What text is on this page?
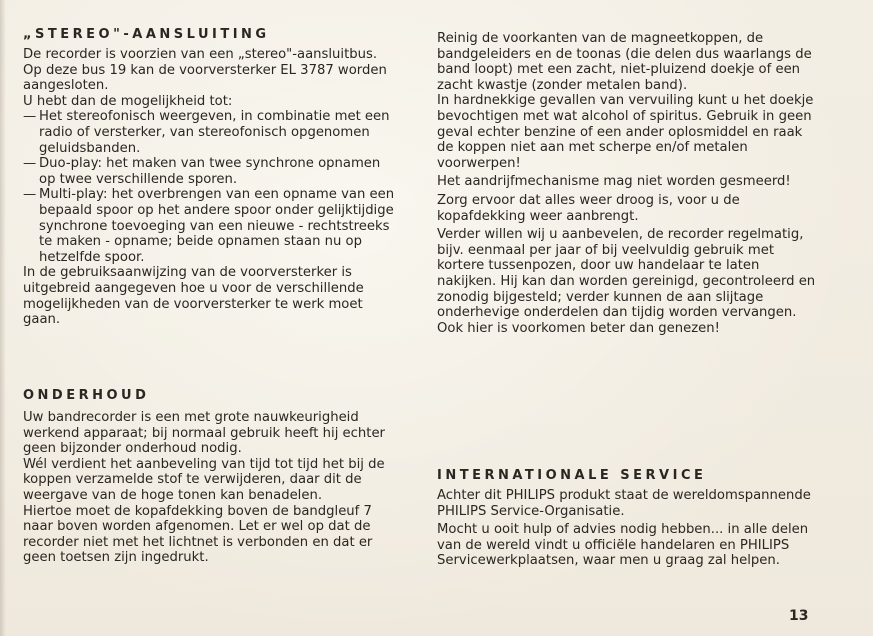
„STEREO"-AANSLUITING

De recorder is voorzien van een „stereo"-aansluitbus. Op deze bus 19 kan de voorversterker EL 3787 worden aangesloten.

U hebt dan de mogelijkheid tot:

— Het stereofonisch weergeven, in combinatie met een radio of versterker, van stereofonisch opgenomen geluidsbanden.
— Duo-play: het maken van twee synchrone opnamen op twee verschillende sporen.
— Multi-play: het overbrengen van een opname van een bepaald spoor op het andere spoor onder gelijktijdige synchrone toevoeging van een nieuwe - rechtstreeks te maken - opname; beide opnamen staan nu op hetzelfde spoor.

In de gebruiksaanwijzing van de voorversterker is uitgebreid aangegeven hoe u voor de verschillende mogelijkheden van de voorversterker te werk moet gaan.

ONDERHOUD

Uw bandrecorder is een met grote nauwkeurigheid werkend apparaat; bij normaal gebruik heeft hij echter geen bijzonder onderhoud nodig.

Wél verdient het aanbeveling van tijd tot tijd het bij de koppen verzamelde stof te verwijderen, daar dit de weergave van de hoge tonen kan benadelen.

Hiertoe moet de kopafdekking boven de bandgleuf 7 naar boven worden afgenomen. Let er wel op dat de recorder niet met het lichtnet is verbonden en dat er geen toetsen zijn ingedrukt.

Reinig de voorkanten van de magneetkoppen, de bandgeleiders en de toonas (die delen dus waarlangs de band loopt) met een zacht, niet-pluizend doekje of een zacht kwastje (zonder metalen band).

In hardnekkige gevallen van vervuiling kunt u het doekje bevochtigen met wat alcohol of spiritus. Gebruik in geen geval echter benzine of een ander oplosmiddel en raak de koppen niet aan met scherpe en/of metalen voorwerpen!

Het aandrijfmechanisme mag niet worden gesmeerd!

Zorg ervoor dat alles weer droog is, voor u de kopafdekking weer aanbrengt.

Verder willen wij u aanbevelen, de recorder regelmatig, bijv. eenmaal per jaar of bij veelvuldig gebruik met kortere tussenpozen, door uw handelaar te laten nakijken. Hij kan dan worden gereinigd, gecontroleerd en zonodig bijgesteld; verder kunnen de aan slijtage onderhevige onderdelen dan tijdig worden vervangen. Ook hier is voorkomen beter dan genezen!

INTERNATIONALE SERVICE

Achter dit PHILIPS produkt staat de wereldomspannende PHILIPS Service-Organisatie.

Mocht u ooit hulp of advies nodig hebben... in alle delen van de wereld vindt u officiële handelaren en PHILIPS Servicewerkplaatsen, waar men u graag zal helpen.

13
